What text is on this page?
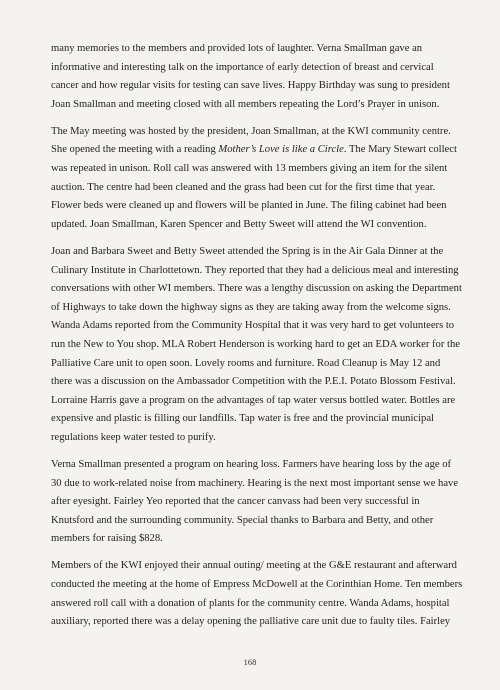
many memories to the members and provided lots of laughter. Verna Smallman gave an informative and interesting talk on the importance of early detection of breast and cervical cancer and how regular visits for testing can save lives. Happy Birthday was sung to president Joan Smallman and meeting closed with all members repeating the Lord’s Prayer in unison.

The May meeting was hosted by the president, Joan Smallman, at the KWI community centre. She opened the meeting with a reading Mother’s Love is like a Circle. The Mary Stewart collect was repeated in unison. Roll call was answered with 13 members giving an item for the silent auction. The centre had been cleaned and the grass had been cut for the first time that year. Flower beds were cleaned up and flowers will be planted in June. The filing cabinet had been updated. Joan Smallman, Karen Spencer and Betty Sweet will attend the WI convention.

Joan and Barbara Sweet and Betty Sweet attended the Spring is in the Air Gala Dinner at the Culinary Institute in Charlottetown. They reported that they had a delicious meal and interesting conversations with other WI members. There was a lengthy discussion on asking the Department of Highways to take down the highway signs as they are taking away from the welcome signs. Wanda Adams reported from the Community Hospital that it was very hard to get volunteers to run the New to You shop. MLA Robert Henderson is working hard to get an EDA worker for the Palliative Care unit to open soon. Lovely rooms and furniture. Road Cleanup is May 12 and there was a discussion on the Ambassador Competition with the P.E.I. Potato Blossom Festival. Lorraine Harris gave a program on the advantages of tap water versus bottled water. Bottles are expensive and plastic is filling our landfills. Tap water is free and the provincial municipal regulations keep water tested to purify.

Verna Smallman presented a program on hearing loss. Farmers have hearing loss by the age of 30 due to work-related noise from machinery. Hearing is the next most important sense we have after eyesight. Fairley Yeo reported that the cancer canvass had been very successful in Knutsford and the surrounding community. Special thanks to Barbara and Betty, and other members for raising $828.

Members of the KWI enjoyed their annual outing/ meeting at the G&E restaurant and afterward conducted the meeting at the home of Empress McDowell at the Corinthian Home. Ten members answered roll call with a donation of plants for the community centre. Wanda Adams, hospital auxiliary, reported there was a delay opening the palliative care unit due to faulty tiles. Fairley

168
